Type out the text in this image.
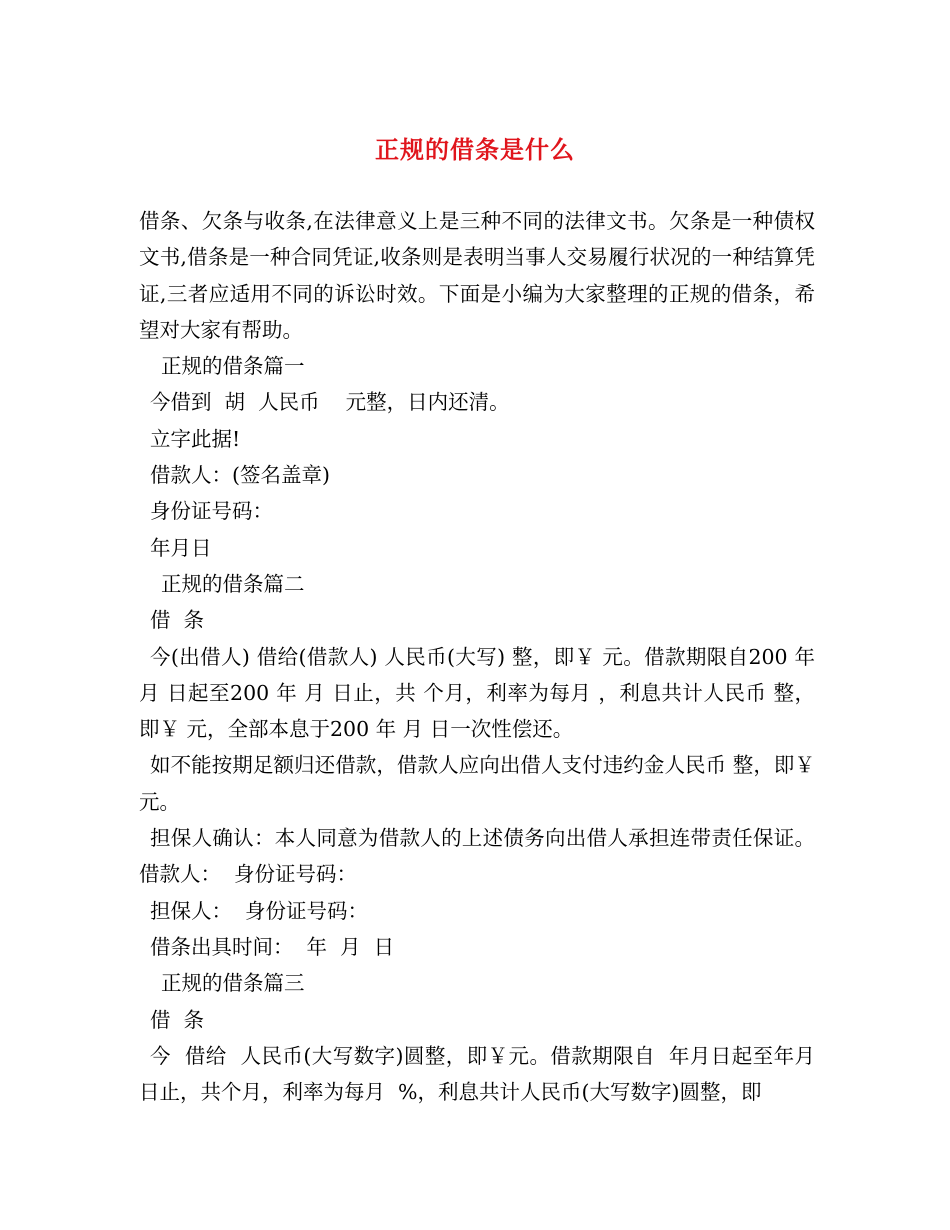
正规的借条是什么

借条、欠条与收条,在法律意义上是三种不同的法律文书。欠条是一种债权文书,借条是一种合同凭证,收条则是表明当事人交易履行状况的一种结算凭证,三者应适用不同的诉讼时效。下面是小编为大家整理的正规的借条，希望对大家有帮助。

正规的借条篇一

今借到  胡  人民币    元整，日内还清。

立字此据!

借款人：(签名盖章)

身份证号码：

年月日

正规的借条篇二

借  条

今(出借人) 借给(借款人) 人民币(大写) 整，即￥ 元。借款期限自200 年 月 日起至200 年 月 日止，共 个月，利率为每月 ，利息共计人民币 整，即￥ 元，全部本息于200 年 月 日一次性偿还。

如不能按期足额归还借款，借款人应向出借人支付违约金人民币 整，即￥ 元。

担保人确认：本人同意为借款人的上述债务向出借人承担连带责任保证。 借款人：  身份证号码：

担保人：  身份证号码：

借条出具时间：  年  月  日

正规的借条篇三

借  条

今  借给  人民币(大写数字)圆整，即￥元。借款期限自  年月日起至年月日止，共个月，利率为每月  %，利息共计人民币(大写数字)圆整，即
